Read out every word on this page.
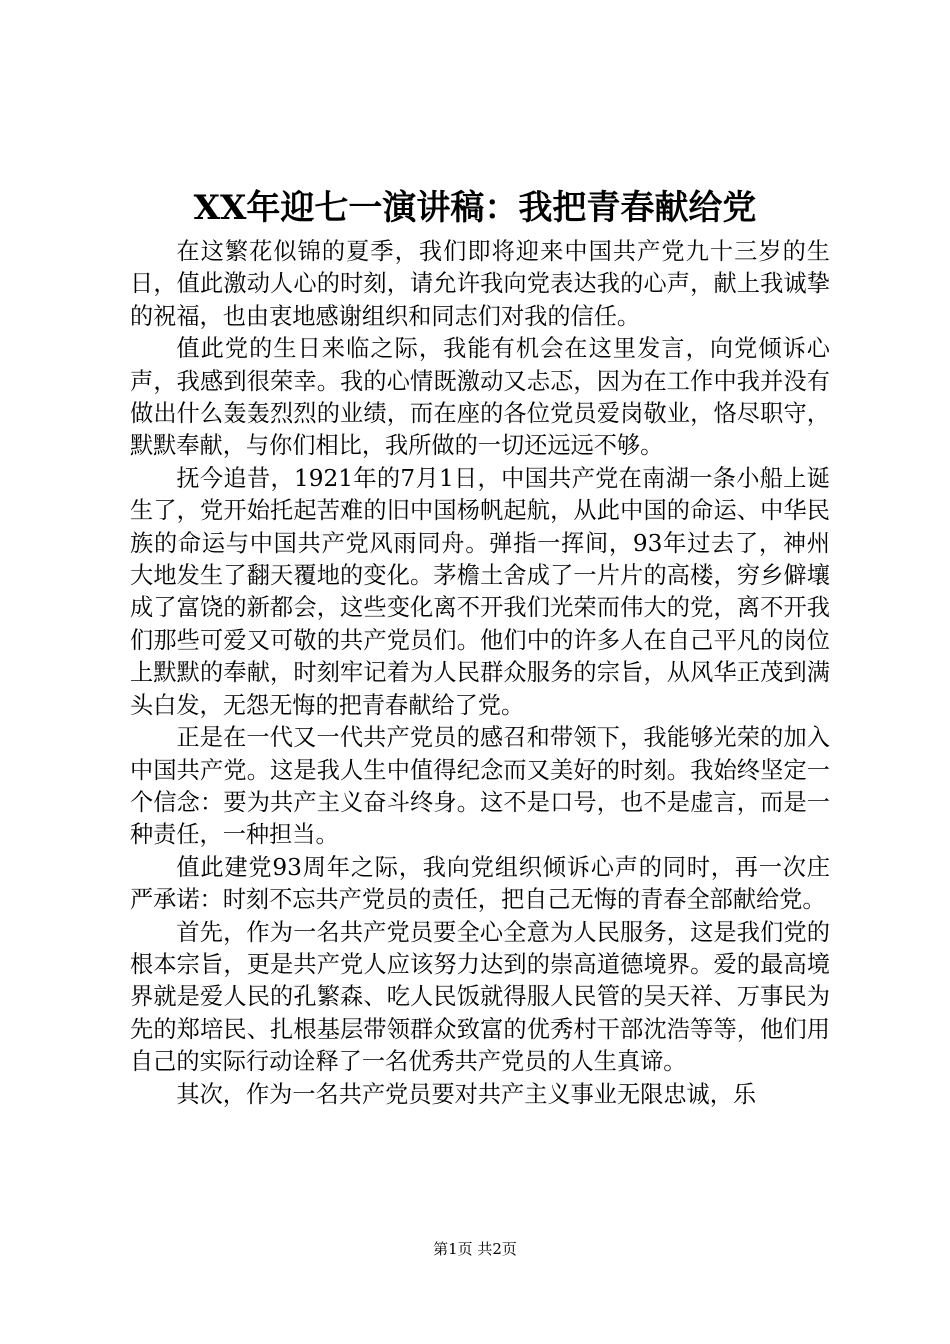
XX年迎七一演讲稿：我把青春献给党

在这繁花似锦的夏季，我们即将迎来中国共产党九十三岁的生日，值此激动人心的时刻，请允许我向党表达我的心声，献上我诚挚的祝福，也由衷地感谢组织和同志们对我的信任。

值此党的生日来临之际，我能有机会在这里发言，向党倾诉心声，我感到很荣幸。我的心情既激动又忐忑，因为在工作中我并没有做出什么轰轰烈烈的业绩，而在座的各位党员爱岗敬业，恪尽职守，默默奉献，与你们相比，我所做的一切还远远不够。

抚今追昔，1921年的7月1日，中国共产党在南湖一条小船上诞生了，党开始托起苦难的旧中国杨帆起航，从此中国的命运、中华民族的命运与中国共产党风雨同舟。弹指一挥间，93年过去了，神州大地发生了翻天覆地的变化。茅檐土舍成了一片片的高楼，穷乡僻壤成了富饶的新都会，这些变化离不开我们光荣而伟大的党，离不开我们那些可爱又可敬的共产党员们。他们中的许多人在自己平凡的岗位上默默的奉献，时刻牢记着为人民群众服务的宗旨，从风华正茂到满头白发，无怨无悔的把青春献给了党。

正是在一代又一代共产党员的感召和带领下，我能够光荣的加入中国共产党。这是我人生中值得纪念而又美好的时刻。我始终坚定一个信念：要为共产主义奋斗终身。这不是口号，也不是虚言，而是一种责任，一种担当。

值此建党93周年之际，我向党组织倾诉心声的同时，再一次庄严承诺：时刻不忘共产党员的责任，把自己无悔的青春全部献给党。

首先，作为一名共产党员要全心全意为人民服务，这是我们党的根本宗旨，更是共产党人应该努力达到的崇高道德境界。爱的最高境界就是爱人民的孔繁森、吃人民饭就得服人民管的吴天祥、万事民为先的郑培民、扎根基层带领群众致富的优秀村干部沈浩等等，他们用自己的实际行动诠释了一名优秀共产党员的人生真谛。

其次，作为一名共产党员要对共产主义事业无限忠诚，乐

第1页 共2页
